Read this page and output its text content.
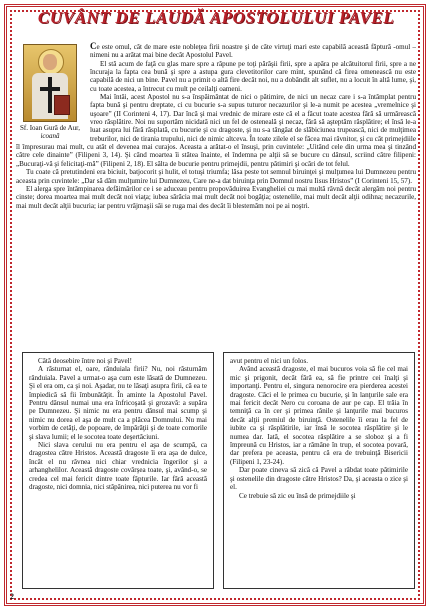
CUVÂNT DE LAUDĂ APOSTOLULUI PAVEL
Sf. Ioan Gură de Aur,
icoană

Ce este omul, cât de mare este nobleţea firii noastre şi de câte virtuţi mari este capabilă această făptură -omul – nimeni nu a arătat mai bine decât Apostolul Pavel.

El stă acum de faţă cu glas mare spre a răpune pe toţi părăşii firii, spre a apăra pe alcătuitorul firii, spre a ne încuraja la fapta cea bună şi spre a astupa gura clevetitorilor care mint, spunând că firea omenească nu este capabilă de nici un bine. Pavel nu a primit o altă fire decât noi, nu a dobândit alt suflet, nu a locuit în altă lume, şi, cu toate acestea, a întrecut cu mult pe ceilalţi oameni.

Mai întâi, acest Apostol nu s-a înspăimântat de nici o pătimire, de nici un necaz care i s-a întâmplat pentru fapta bună şi pentru dreptate, ci cu bucurie s-a supus tuturor necazurilor şi le-a numit pe acestea „vremelnice şi uşoare” (II Corinteni 4, 17). Dar încă şi mai vrednic de mirare este că el a făcut toate acestea fără să urmărească vreo răsplătire. Noi nu suportăm nicidată nici un fel de osteneală şi necaz, fără să aşteptăm răsplătire; el însă le-a luat asupra lui fără răsplată, cu bucurie şi cu dragoste, şi nu s-a tângâat de slăbiciunea trupească, nici de mulţimea treburilor, nici de tirania trupului, nici de nimic altceva. În toate zilele el se făcea mai râvnitor, şi cu cât primejdiile îl împresurau mai mult, cu atât el devenea mai curajos. Aceasta a arătat-o el însuşi, prin cuvintele: „Uitând cele din urma mea şi tinzând către cele dinainte” (Filipeni 3, 14). Şi când moartea îi stătea înainte, el îndemna pe alţii să se bucure cu dânsul, scriind către filipeni: „Bucuraţi-vă şi felicitaţi-mă” (Filipeni 2, 18). El sălta de bucurie pentru primejdii, pentru pătimiri şi ocări de tot felul.

Tu coate că pretutindeni era biciuit, batjocorit şi hulit, el totuşi triumfa; lăsa peste tot semnul biruinţei şi mulţumea lui Dumnezeu pentru aceasta prin cuvintele: „Dar să dăm mulţumire lui Dumnezeu, Care ne-a dat biruinţa prin Domnul nostru Iisus Hristos” (I Corinteni 15, 57).

El alerga spre întâmpinarea defăimărilor ce i se aduceau pentru propovăduirea Evangheliei cu mai multă râvnă decât alergăm noi pentru cinste; dorea moartea mai mult decât noi viaţa; iubea sărăcia mai mult decât noi bogăţia; ostenelile, mai mult decât alţii odihna; necazurile, mai mult decât alţii bucuria; iar pentru vrăjmaşii săi se ruga mai des decât îi blestemăm noi pe ai noştri.

Câtă deosebire între noi şi Pavel!

A răsturnat el, oare, rânduiala firii? Nu, noi răsturnăm rânduiala. Pavel a urmat-o aşa cum este lăsată de Dumnezeu. Şi el era om, ca şi noi. Aşadar, nu te lăsaţi asupra firii, că ea te împiedică să fii îmbunătăţit. În aminte la Apostolul Pavel. Pentru dânsul numai una era înfricoşată şi grozavă: a supăra pe Dumnezeu. Şi nimic nu era pentru dânsul mai scump şi nimic nu dorea el aşa de mult ca a plăcea Domnului. Nu mai vorbim de cetăţi, de popoare, de împărăţii şi de toate comorile şi slava lumii; el le socotea toate deşertăciuni.

Nici slava cerului nu era pentru el aşa de scumpă, ca dragostea către Hristos. Această dragoste îi era aşa de dulce, încât el nu râvnea nici chiar vrednicia îngerilor şi a arhanghelilor. Această dragoste covârşea toate, şi, având-o, se credea cel mai fericit dintre toate făpturile. Iar fără această dragoste, nici domnia, nici stăpânirea, nici puterea nu vor fi

avut pentru el nici un folos.

Având această dragoste, el mai bucuros voia să fie cel mai mic şi prigonit, decât fără ea, să fie printre cei înalţi şi importanţi. Pentru el, singura nenorocire era pierderea acestei dragoste. Căci el le primea cu bucurie, şi în lanţurile sale era mai fericit decât Nero cu coroana de aur pe cap. El trăia în temniţă ca în cer şi primea rănile şi lanţurile mai bucuros decât alţii premiul de biruinţă. Ostenelile îi erau la fel de iubite ca şi răsplătirile, iar însă le socotea răsplătire şi le numea dar. Iată, el socotea răsplătire a se sloboz şi a fi împreună cu Hristos, iar a rămâne în trup, el socotea povară, dar prefera pe aceasta, pentru că era de trebuinţă Bisericii (Filipeni 1, 23-24).

Dar poate cineva să zică că Pavel a răbdat toate pătimirile şi ostenelile din dragoste către Hristos? Da, şi aceasta o zice şi el.

Ce trebuie să zic eu însă de primejdiile şi

2
